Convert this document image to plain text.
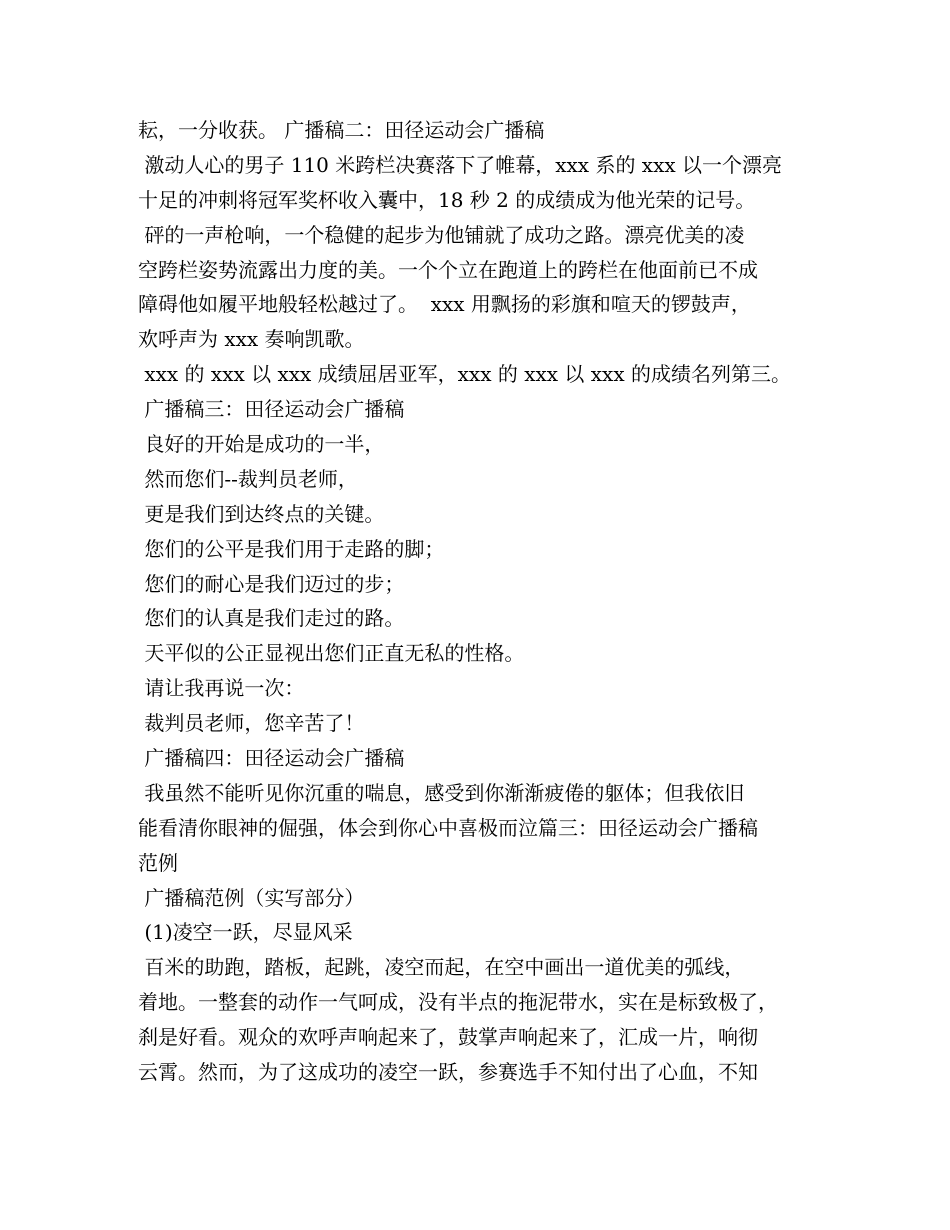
耘，一分收获。 广播稿二：田径运动会广播稿
激动人心的男子 110 米跨栏决赛落下了帷幕，xxx 系的 xxx 以一个漂亮
十足的冲刺将冠军奖杯收入囊中，18 秒 2 的成绩成为他光荣的记号。
砰的一声枪响，一个稳健的起步为他铺就了成功之路。漂亮优美的凌
空跨栏姿势流露出力度的美。一个个立在跑道上的跨栏在他面前已不成
障碍他如履平地般轻松越过了。  xxx 用飘扬的彩旗和喧天的锣鼓声，
欢呼声为 xxx 奏响凯歌。
xxx 的 xxx 以 xxx 成绩屈居亚军，xxx 的 xxx 以 xxx 的成绩名列第三。
广播稿三：田径运动会广播稿
良好的开始是成功的一半，
然而您们--裁判员老师，
更是我们到达终点的关键。
您们的公平是我们用于走路的脚；
您们的耐心是我们迈过的步；
您们的认真是我们走过的路。
天平似的公正显视出您们正直无私的性格。
请让我再说一次：
裁判员老师，您辛苦了！
广播稿四：田径运动会广播稿
我虽然不能听见你沉重的喘息，感受到你渐渐疲倦的躯体；但我依旧
能看清你眼神的倔强，体会到你心中喜极而泣篇三：田径运动会广播稿
范例
广播稿范例（实写部分）
(1)凌空一跃，尽显风采
百米的助跑，踏板，起跳，凌空而起，在空中画出一道优美的弧线，
着地。一整套的动作一气呵成，没有半点的拖泥带水，实在是标致极了，
刹是好看。观众的欢呼声响起来了，鼓掌声响起来了，汇成一片，响彻
云霄。然而，为了这成功的凌空一跃，参赛选手不知付出了心血，不知
